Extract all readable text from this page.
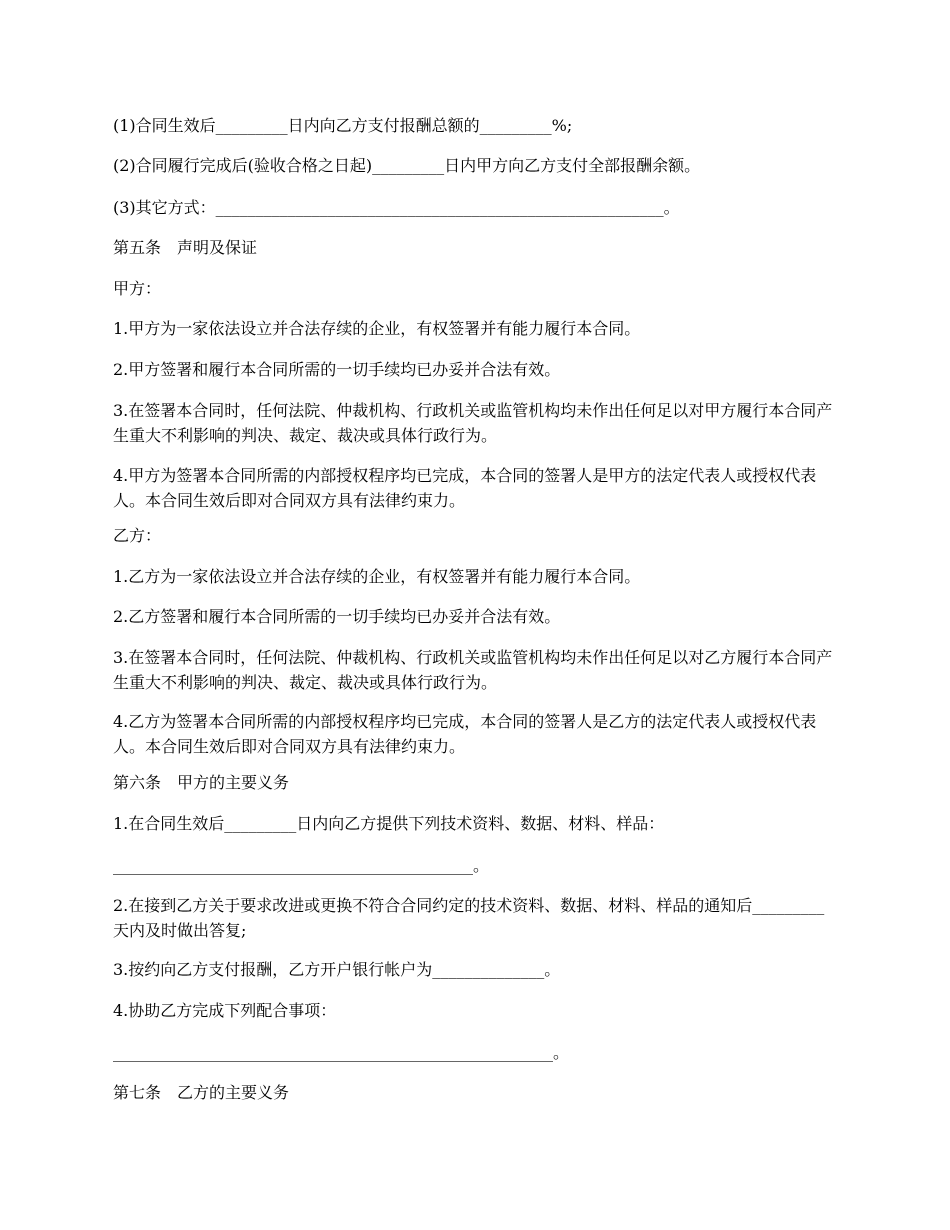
(1)合同生效后_________日内向乙方支付报酬总额的_________%;

(2)合同履行完成后(验收合格之日起)_________日内甲方向乙方支付全部报酬余额。

(3)其它方式：________________________________________________________。

第五条　声明及保证

甲方：

1.甲方为一家依法设立并合法存续的企业，有权签署并有能力履行本合同。

2.甲方签署和履行本合同所需的一切手续均已办妥并合法有效。

3.在签署本合同时，任何法院、仲裁机构、行政机关或监管机构均未作出任何足以对甲方履行本合同产生重大不利影响的判决、裁定、裁决或具体行政行为。

4.甲方为签署本合同所需的内部授权程序均已完成，本合同的签署人是甲方的法定代表人或授权代表人。本合同生效后即对合同双方具有法律约束力。

乙方：

1.乙方为一家依法设立并合法存续的企业，有权签署并有能力履行本合同。

2.乙方签署和履行本合同所需的一切手续均已办妥并合法有效。

3.在签署本合同时，任何法院、仲裁机构、行政机关或监管机构均未作出任何足以对乙方履行本合同产生重大不利影响的判决、裁定、裁决或具体行政行为。

4.乙方为签署本合同所需的内部授权程序均已完成，本合同的签署人是乙方的法定代表人或授权代表人。本合同生效后即对合同双方具有法律约束力。

第六条　甲方的主要义务

1.在合同生效后_________日内向乙方提供下列技术资料、数据、材料、样品：

_____________________________________________。

2.在接到乙方关于要求改进或更换不符合合同约定的技术资料、数据、材料、样品的通知后_________天内及时做出答复;

3.按约向乙方支付报酬，乙方开户银行帐户为______________。

4.协助乙方完成下列配合事项：

_______________________________________________________。

第七条　乙方的主要义务
